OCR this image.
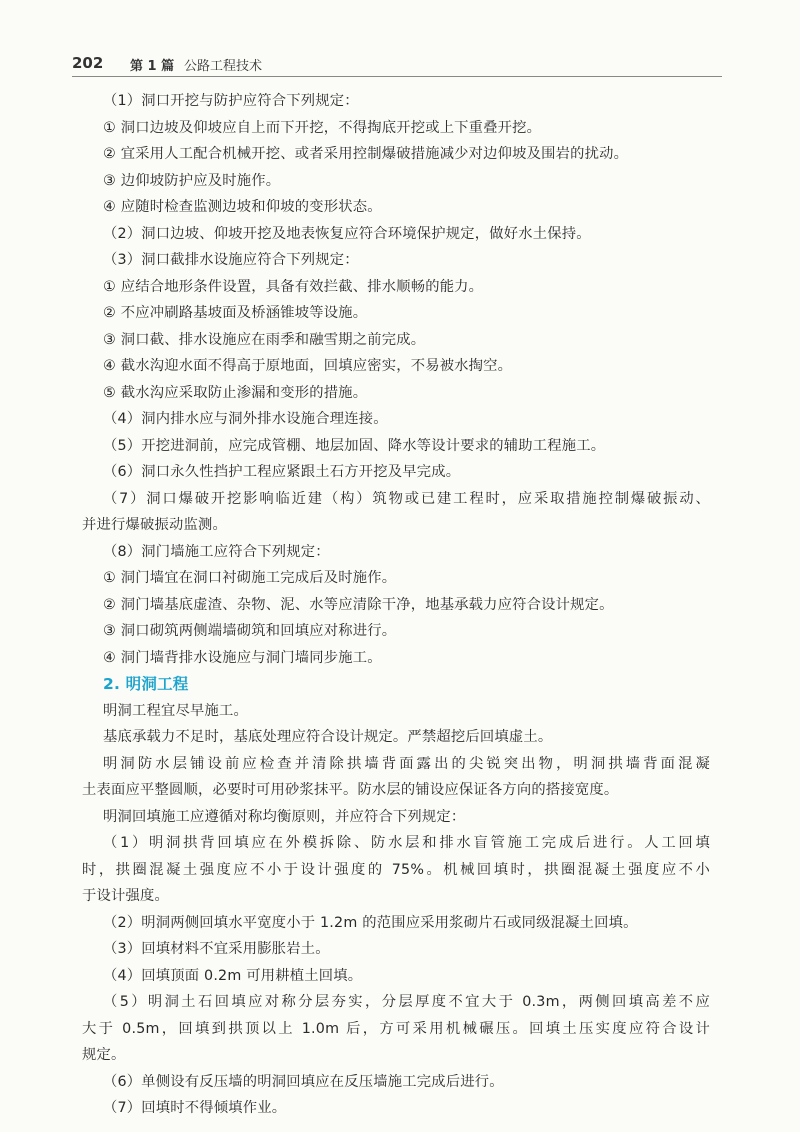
202 第 1 篇 公路工程技术
（1）洞口开挖与防护应符合下列规定：
① 洞口边坡及仰坡应自上而下开挖，不得掏底开挖或上下重叠开挖。
② 宜采用人工配合机械开挖、或者采用控制爆破措施减少对边仰坡及围岩的扰动。
③ 边仰坡防护应及时施作。
④ 应随时检查监测边坡和仰坡的变形状态。
（2）洞口边坡、仰坡开挖及地表恢复应符合环境保护规定，做好水土保持。
（3）洞口截排水设施应符合下列规定：
① 应结合地形条件设置，具备有效拦截、排水顺畅的能力。
② 不应冲刷路基坡面及桥涵锥坡等设施。
③ 洞口截、排水设施应在雨季和融雪期之前完成。
④ 截水沟迎水面不得高于原地面，回填应密实，不易被水掏空。
⑤ 截水沟应采取防止渗漏和变形的措施。
（4）洞内排水应与洞外排水设施合理连接。
（5）开挖进洞前，应完成管棚、地层加固、降水等设计要求的辅助工程施工。
（6）洞口永久性挡护工程应紧跟土石方开挖及早完成。
（7）洞口爆破开挖影响临近建（构）筑物或已建工程时，应采取措施控制爆破振动、
并进行爆破振动监测。
（8）洞门墙施工应符合下列规定：
① 洞门墙宜在洞口衬砌施工完成后及时施作。
② 洞门墙基底虚渣、杂物、泥、水等应清除干净，地基承载力应符合设计规定。
③ 洞口砌筑两侧端墙砌筑和回填应对称进行。
④ 洞门墙背排水设施应与洞门墙同步施工。
2. 明洞工程
明洞工程宜尽早施工。
基底承载力不足时，基底处理应符合设计规定。严禁超挖后回填虚土。
明洞防水层铺设前应检查并清除拱墙背面露出的尖锐突出物，明洞拱墙背面混凝
土表面应平整圆顺，必要时可用砂浆抹平。防水层的铺设应保证各方向的搭接宽度。
明洞回填施工应遵循对称均衡原则，并应符合下列规定：
（1）明洞拱背回填应在外模拆除、防水层和排水盲管施工完成后进行。人工回填
时，拱圈混凝土强度应不小于设计强度的 75%。机械回填时，拱圈混凝土强度应不小
于设计强度。
（2）明洞两侧回填水平宽度小于 1.2m 的范围应采用浆砌片石或同级混凝土回填。
（3）回填材料不宜采用膨胀岩土。
（4）回填顶面 0.2m 可用耕植土回填。
（5）明洞土石回填应对称分层夯实，分层厚度不宜大于 0.3m，两侧回填高差不应
大于 0.5m，回填到拱顶以上 1.0m 后，方可采用机械碾压。回填土压实度应符合设计
规定。
（6）单侧设有反压墙的明洞回填应在反压墙施工完成后进行。
（7）回填时不得倾填作业。
